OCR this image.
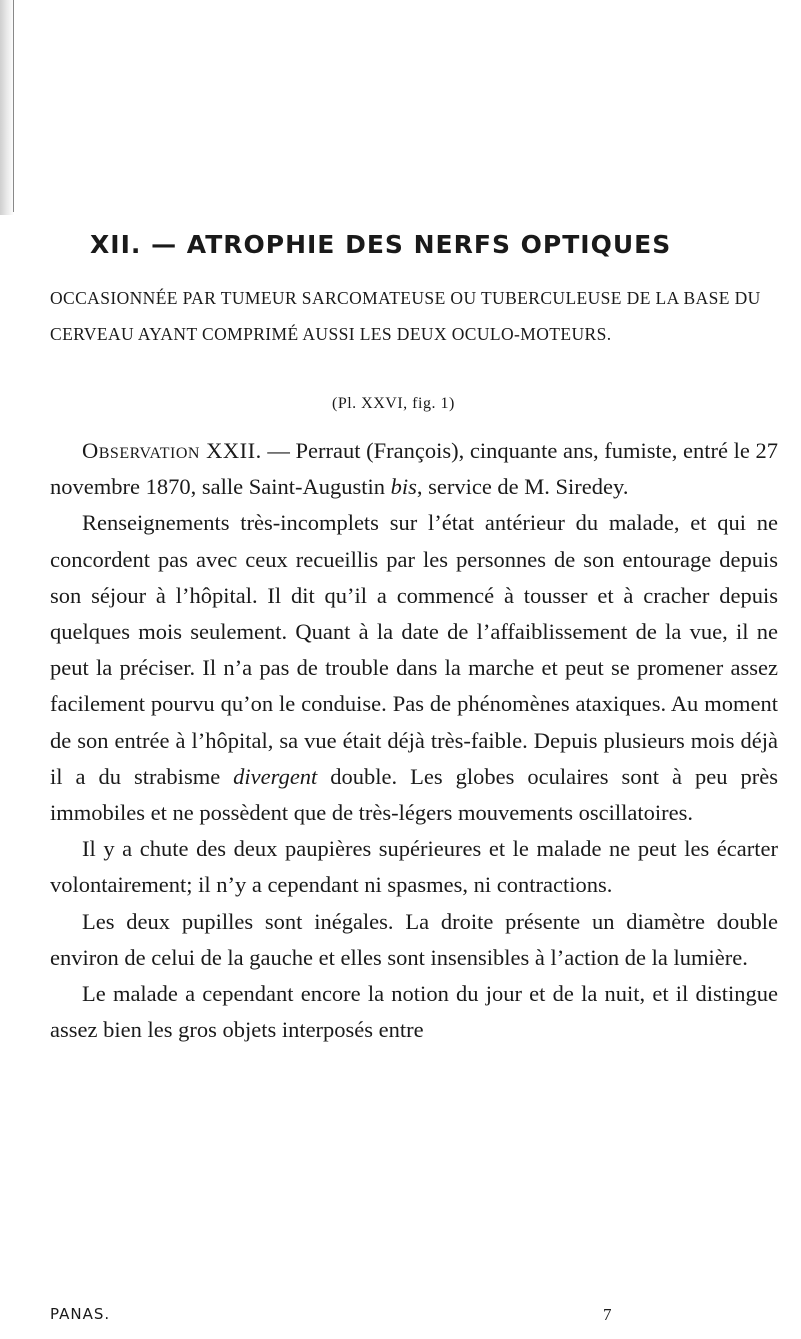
XII. — ATROPHIE DES NERFS OPTIQUES

OCCASIONNÉE PAR TUMEUR SARCOMATEUSE OU TUBERCULEUSE DE LA BASE DU CERVEAU AYANT COMPRIMÉ AUSSI LES DEUX OCULO-MOTEURS.

(Pl. XXVI, fig. 1)

Observation XXII. — Perraut (François), cinquante ans, fumiste, entré le 27 novembre 1870, salle Saint-Augustin bis, service de M. Siredey.

Renseignements très-incomplets sur l’état antérieur du malade, et qui ne concordent pas avec ceux recueillis par les personnes de son entourage depuis son séjour à l’hôpital. Il dit qu’il a commencé à tousser et à cracher depuis quelques mois seulement. Quant à la date de l’affaiblissement de la vue, il ne peut la préciser. Il n’a pas de trouble dans la marche et peut se promener assez facilement pourvu qu’on le conduise. Pas de phénomènes ataxiques. Au moment de son entrée à l’hôpital, sa vue était déjà très-faible. Depuis plusieurs mois déjà il a du strabisme divergent double. Les globes oculaires sont à peu près immobiles et ne possèdent que de très-légers mouvements oscillatoires.

Il y a chute des deux paupières supérieures et le malade ne peut les écarter volontairement; il n’y a cependant ni spasmes, ni contractions.

Les deux pupilles sont inégales. La droite présente un diamètre double environ de celui de la gauche et elles sont insensibles à l’action de la lumière.

Le malade a cependant encore la notion du jour et de la nuit, et il distingue assez bien les gros objets interposés entre

PANAS.	7
